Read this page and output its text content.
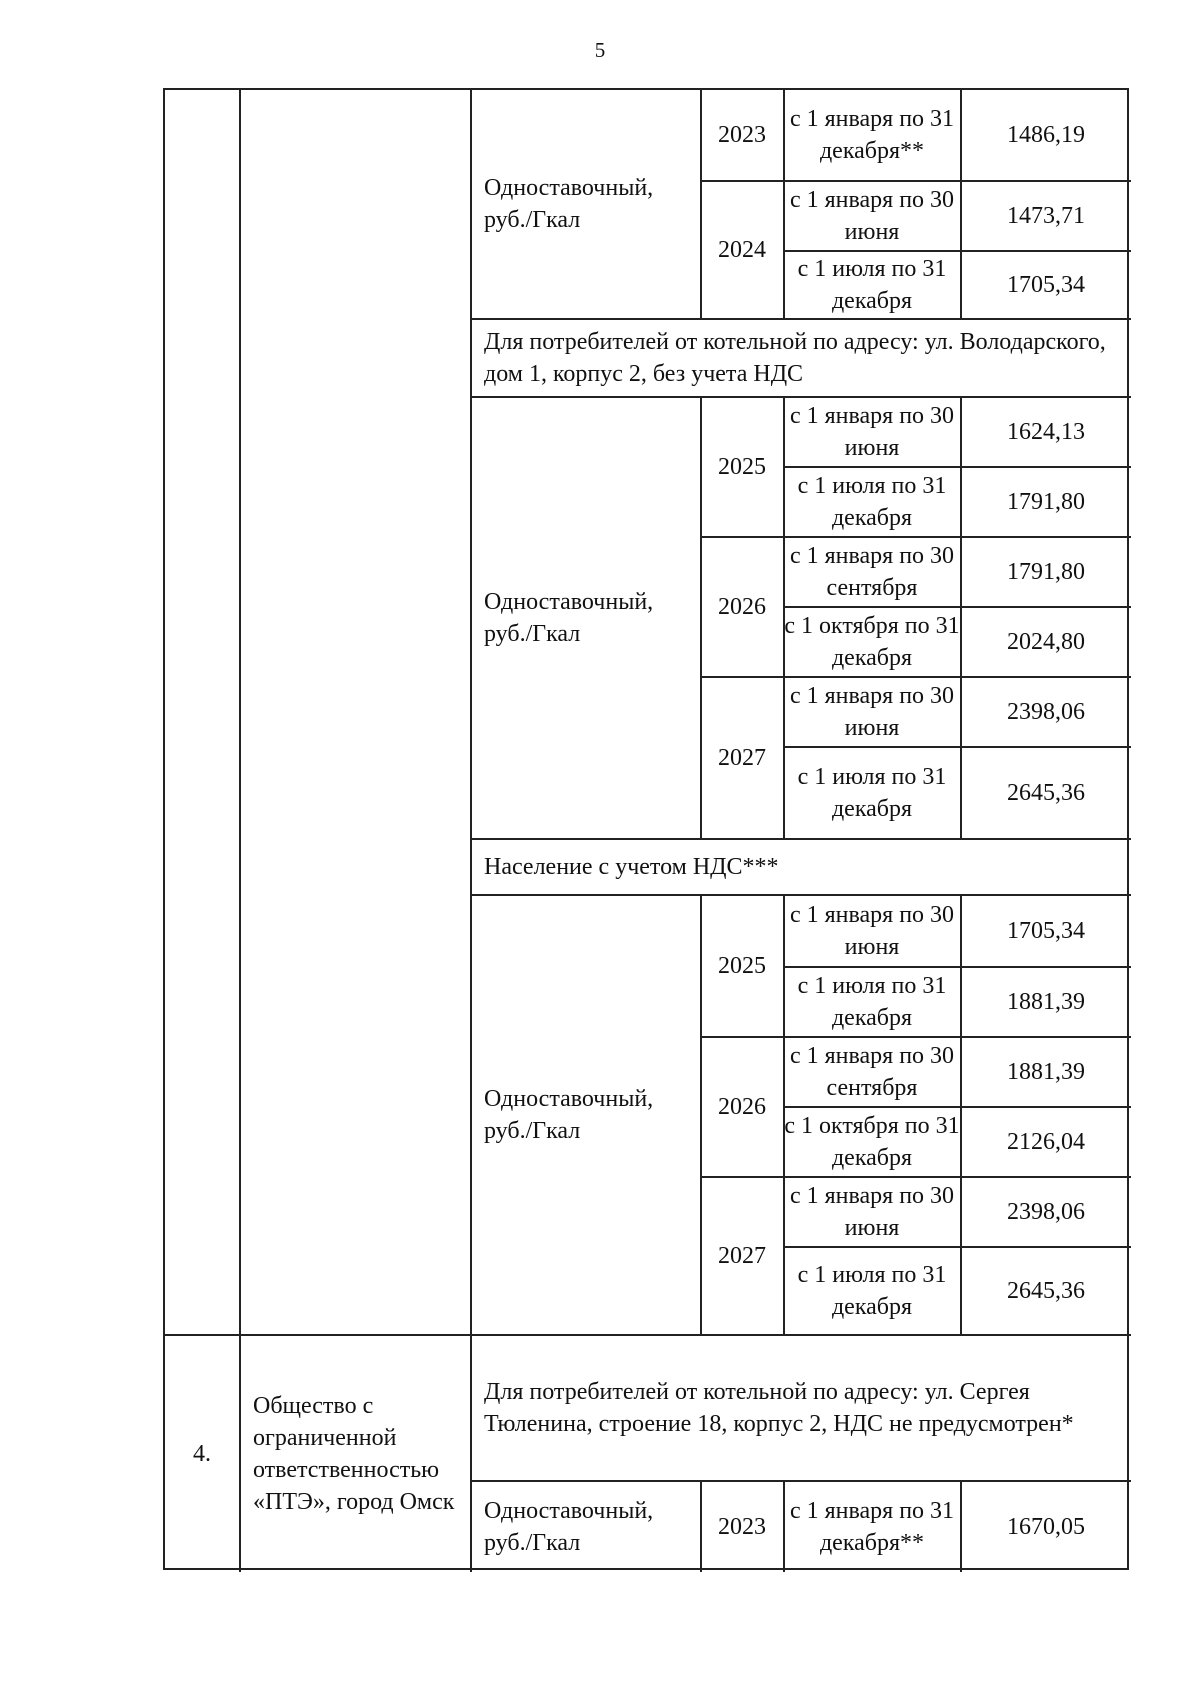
5
Одноставочный, руб./Гкал
2023
2024
с 1 января по 31 декабря**
с 1 января по 30 июня
с 1 июля по 31 декабря
1486,19
1473,71
1705,34
Для потребителей от котельной по адресу: ул. Володарского, дом 1, корпус 2, без учета НДС
Одноставочный, руб./Гкал
2025
2026
2027
с 1 января по 30 июня
с 1 июля по 31 декабря
с 1 января по 30 сентября
с 1 октября по 31 декабря
с 1 января по 30 июня
с 1 июля по 31 декабря
1624,13
1791,80
1791,80
2024,80
2398,06
2645,36
Население с учетом НДС***
Одноставочный, руб./Гкал
2025
2026
2027
с 1 января по 30 июня
с 1 июля по 31 декабря
с 1 января по 30 сентября
с 1 октября по 31 декабря
с 1 января по 30 июня
с 1 июля по 31 декабря
1705,34
1881,39
1881,39
2126,04
2398,06
2645,36
4.
Общество с ограниченной ответственностью «ПТЭ», город Омск
Для потребителей от котельной по адресу: ул. Сергея Тюленина, строение 18, корпус 2, НДС не предусмотрен*
Одноставочный, руб./Гкал
2023
с 1 января по 31 декабря**
1670,05
